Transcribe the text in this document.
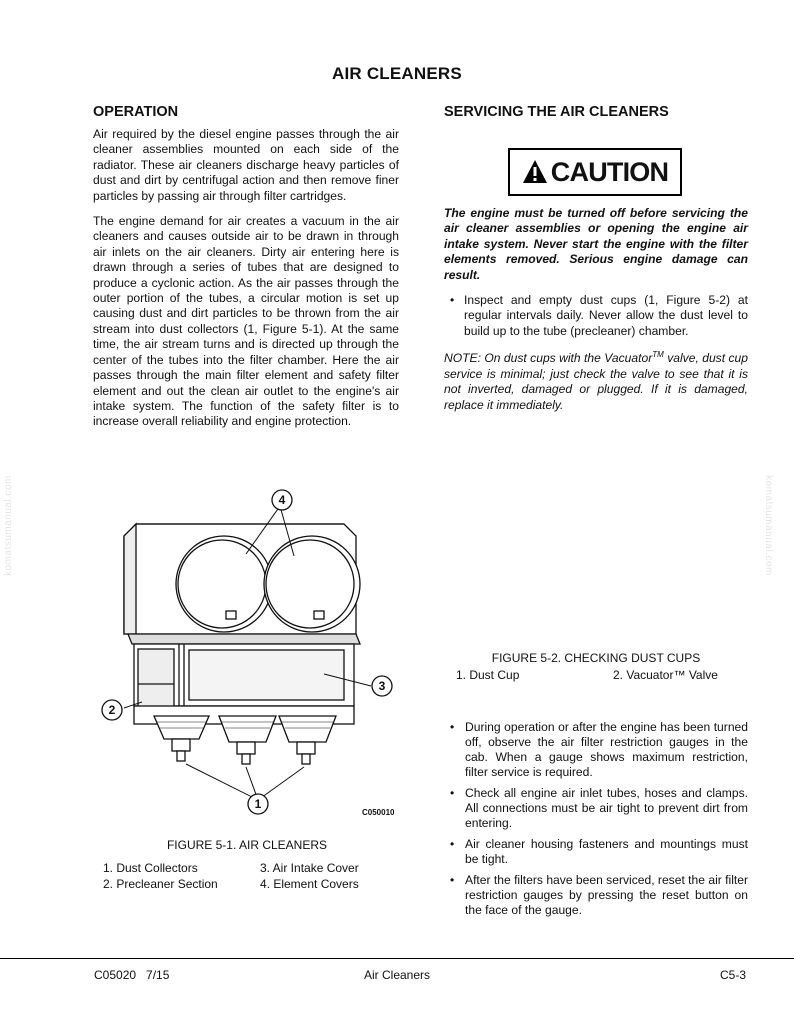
AIR CLEANERS
OPERATION

Air required by the diesel engine passes through the air cleaner assemblies mounted on each side of the radiator. These air cleaners discharge heavy particles of dust and dirt by centrifugal action and then remove finer particles by passing air through filter cartridges.

The engine demand for air creates a vacuum in the air cleaners and causes outside air to be drawn in through air inlets on the air cleaners. Dirty air entering here is drawn through a series of tubes that are designed to produce a cyclonic action. As the air passes through the outer portion of the tubes, a circular motion is set up causing dust and dirt particles to be thrown from the air stream into dust collectors (1, Figure 5-1). At the same time, the air stream turns and is directed up through the center of the tubes into the filter chamber. Here the air passes through the main filter element and safety filter element and out the clean air outlet to the engine's air intake system. The function of the safety filter is to increase overall reliability and engine protection.

SERVICING THE AIR CLEANERS
CAUTION
The engine must be turned off before servicing the air cleaner assemblies or opening the engine air intake system. Never start the engine with the filter elements removed. Serious engine damage can result.
• Inspect and empty dust cups (1, Figure 5-2) at regular intervals daily. Never allow the dust level to build up to the tube (precleaner) chamber.

NOTE: On dust cups with the Vacuator™ valve, dust cup service is minimal; just check the valve to see that it is not inverted, damaged or plugged. If it is damaged, replace it immediately.

4
2
3
1
C050010
FIGURE 5-1. AIR CLEANERS
1. Dust Collectors	3. Air Intake Cover
2. Precleaner Section	4. Element Covers
FIGURE 5-2. CHECKING DUST CUPS
1. Dust Cup	2. Vacuator™ Valve
• During operation or after the engine has been turned off, observe the air filter restriction gauges in the cab. When a gauge shows maximum restriction, filter service is required.
• Check all engine air inlet tubes, hoses and clamps. All connections must be air tight to prevent dirt from entering.
• Air cleaner housing fasteners and mountings must be tight.
• After the filters have been serviced, reset the air filter restriction gauges by pressing the reset button on the face of the gauge.
komatsumanual.com	komatsumanual.com
C05020   7/15	Air Cleaners	C5-3
